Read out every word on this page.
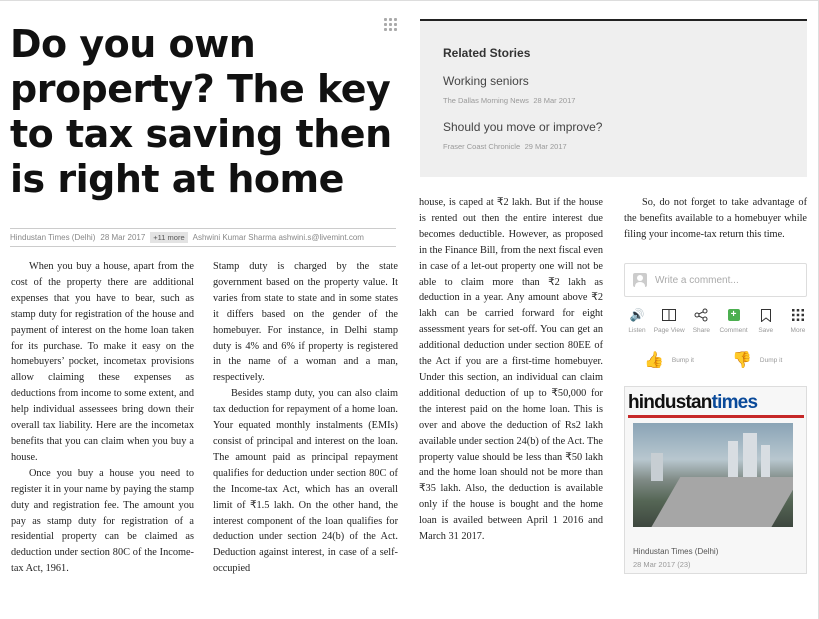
Do you own property? The key to tax saving then is right at home
Hindustan Times (Delhi) 28 Mar 2017	+11 more	Ashwini Kumar Sharma ashwini.s@livemint.com

When you buy a house, apart from the cost of the property there are additional expenses that you have to bear, such as stamp duty for registration of the house and payment of interest on the home loan taken for its purchase. To make it easy on the homebuyers’ pocket, incometax provisions allow claiming these expenses as deductions from income to some extent, and help individual assessees bring down their overall tax liability. Here are the incometax benefits that you can claim when you buy a house.

Once you buy a house you need to register it in your name by paying the stamp duty and registration fee. The amount you pay as stamp duty for registration of a residential property can be claimed as deduction under section 80C of the Income-tax Act, 1961.

Stamp duty is charged by the state government based on the property value. It varies from state to state and in some states it differs based on the gender of the homebuyer. For instance, in Delhi stamp duty is 4% and 6% if property is registered in the name of a woman and a man, respectively.

Besides stamp duty, you can also claim tax deduction for repayment of a home loan. Your equated monthly instalments (EMIs) consist of principal and interest on the loan. The amount paid as principal repayment qualifies for deduction under section 80C of the Income-tax Act, which has an overall limit of ₹1.5 lakh. On the other hand, the interest component of the loan qualifies for deduction under section 24(b) of the Act. Deduction against interest, in case of a self-occupied

house, is caped at ₹2 lakh. But if the house is rented out then the entire interest due becomes deductible. However, as proposed in the Finance Bill, from the next fiscal even in case of a let-out property one will not be able to claim more than ₹2 lakh as deduction in a year. Any amount above ₹2 lakh can be carried forward for eight assessment years for set-off. You can get an additional deduction under section 80EE of the Act if you are a first-time homebuyer. Under this section, an individual can claim additional deduction of up to ₹50,000 for the interest paid on the home loan. This is over and above the deduction of Rs2 lakh available under section 24(b) of the Act. The property value should be less than ₹50 lakh and the home loan should not be more than ₹35 lakh. Also, the deduction is available only if the house is bought and the home loan is availed between April 1 2016 and March 31 2017.

So, do not forget to take advantage of the benefits available to a homebuyer while filing your income-tax return this time.

Related Stories
Working seniors
The Dallas Morning News 28 Mar 2017
Should you move or improve?
Fraser Coast Chronicle 29 Mar 2017
Write a comment...
🔊
Listen Page View Share
+
Comment Save	More
👍 Bump it 👎 Dump it
hindustantimes
Hindustan Times (Delhi)
28 Mar 2017 (23)
